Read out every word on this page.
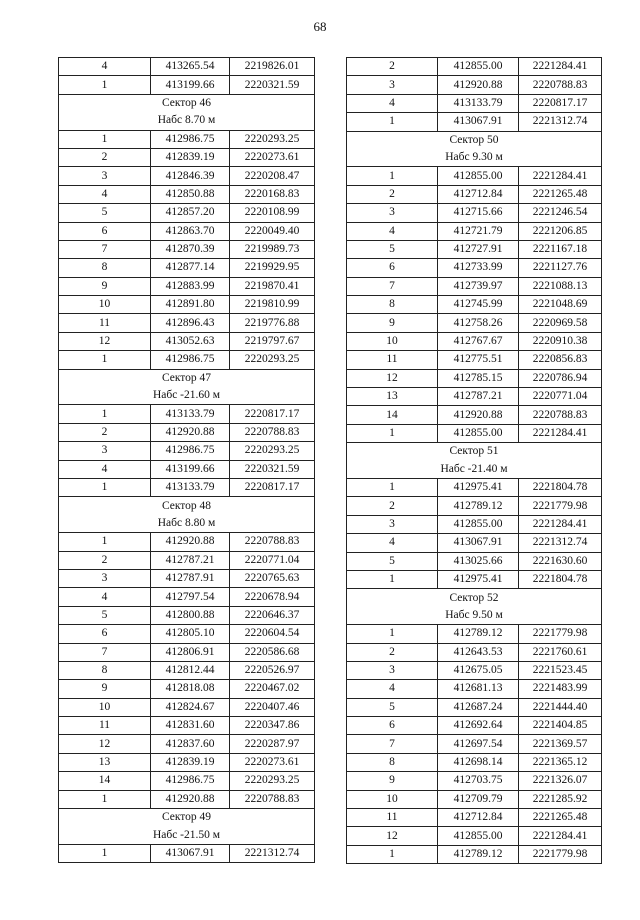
68
4	413265.54	2219826.01
1	413199.66	2220321.59
Сектор 46		
Набс 8.70 м		
1	412986.75	2220293.25
2	412839.19	2220273.61
3	412846.39	2220208.47
4	412850.88	2220168.83
5	412857.20	2220108.99
6	412863.70	2220049.40
7	412870.39	2219989.73
8	412877.14	2219929.95
9	412883.99	2219870.41
10	412891.80	2219810.99
11	412896.43	2219776.88
12	413052.63	2219797.67
1	412986.75	2220293.25
Сектор 47		
Набс -21.60 м		
1	413133.79	2220817.17
2	412920.88	2220788.83
3	412986.75	2220293.25
4	413199.66	2220321.59
1	413133.79	2220817.17
Сектор 48		
Набс 8.80 м		
1	412920.88	2220788.83
2	412787.21	2220771.04
3	412787.91	2220765.63
4	412797.54	2220678.94
5	412800.88	2220646.37
6	412805.10	2220604.54
7	412806.91	2220586.68
8	412812.44	2220526.97
9	412818.08	2220467.02
10	412824.67	2220407.46
11	412831.60	2220347.86
12	412837.60	2220287.97
13	412839.19	2220273.61
14	412986.75	2220293.25
1	412920.88	2220788.83
Сектор 49		
Набс -21.50 м		
1	413067.91	2221312.74
2	412855.00	2221284.41
3	412920.88	2220788.83
4	413133.79	2220817.17
1	413067.91	2221312.74
Сектор 50		
Набс 9.30 м		
1	412855.00	2221284.41
2	412712.84	2221265.48
3	412715.66	2221246.54
4	412721.79	2221206.85
5	412727.91	2221167.18
6	412733.99	2221127.76
7	412739.97	2221088.13
8	412745.99	2221048.69
9	412758.26	2220969.58
10	412767.67	2220910.38
11	412775.51	2220856.83
12	412785.15	2220786.94
13	412787.21	2220771.04
14	412920.88	2220788.83
1	412855.00	2221284.41
Сектор 51		
Набс -21.40 м		
1	412975.41	2221804.78
2	412789.12	2221779.98
3	412855.00	2221284.41
4	413067.91	2221312.74
5	413025.66	2221630.60
1	412975.41	2221804.78
Сектор 52		
Набс 9.50 м		
1	412789.12	2221779.98
2	412643.53	2221760.61
3	412675.05	2221523.45
4	412681.13	2221483.99
5	412687.24	2221444.40
6	412692.64	2221404.85
7	412697.54	2221369.57
8	412698.14	2221365.12
9	412703.75	2221326.07
10	412709.79	2221285.92
11	412712.84	2221265.48
12	412855.00	2221284.41
1	412789.12	2221779.98
